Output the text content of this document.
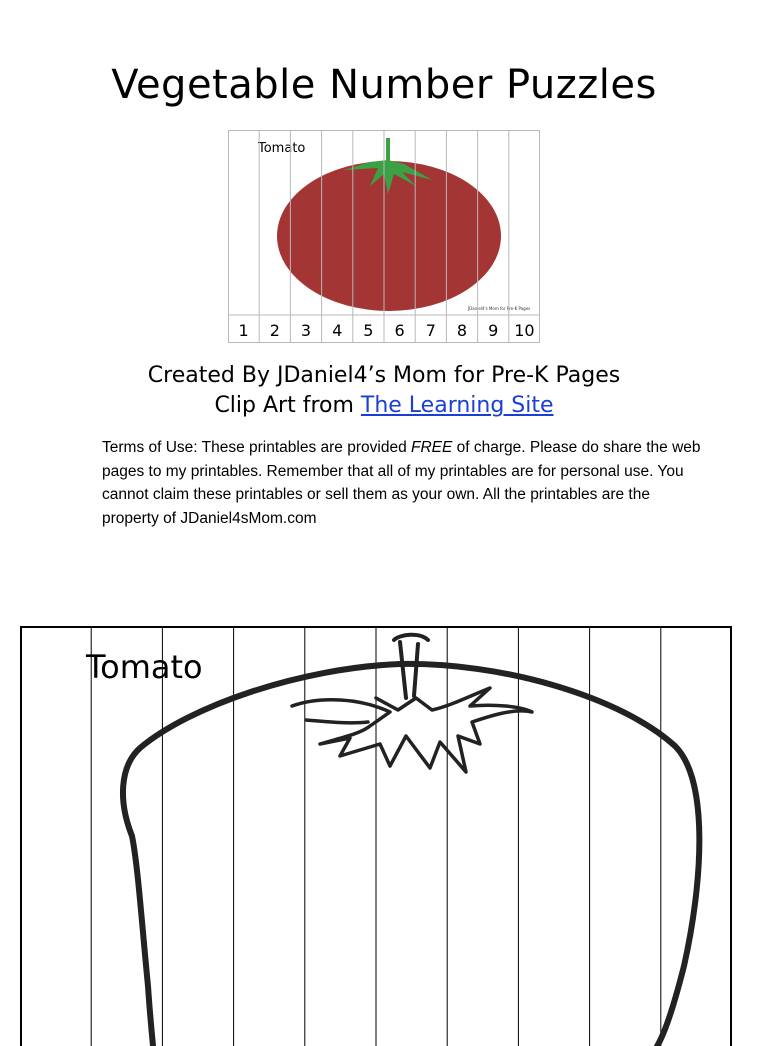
Vegetable Number Puzzles
Tomato
JDaniel4's Mom for Pre-K Pages
1 2 3 4 5 6 7 8 9 10
Created By JDaniel4’s Mom for Pre-K Pages
Clip Art from The Learning Site
Terms of Use: These printables are provided FREE of charge. Please do share the web pages to my printables. Remember that all of my printables are for personal use. You cannot claim these printables or sell them as your own. All the printables are the property of JDaniel4sMom.com
Tomato
